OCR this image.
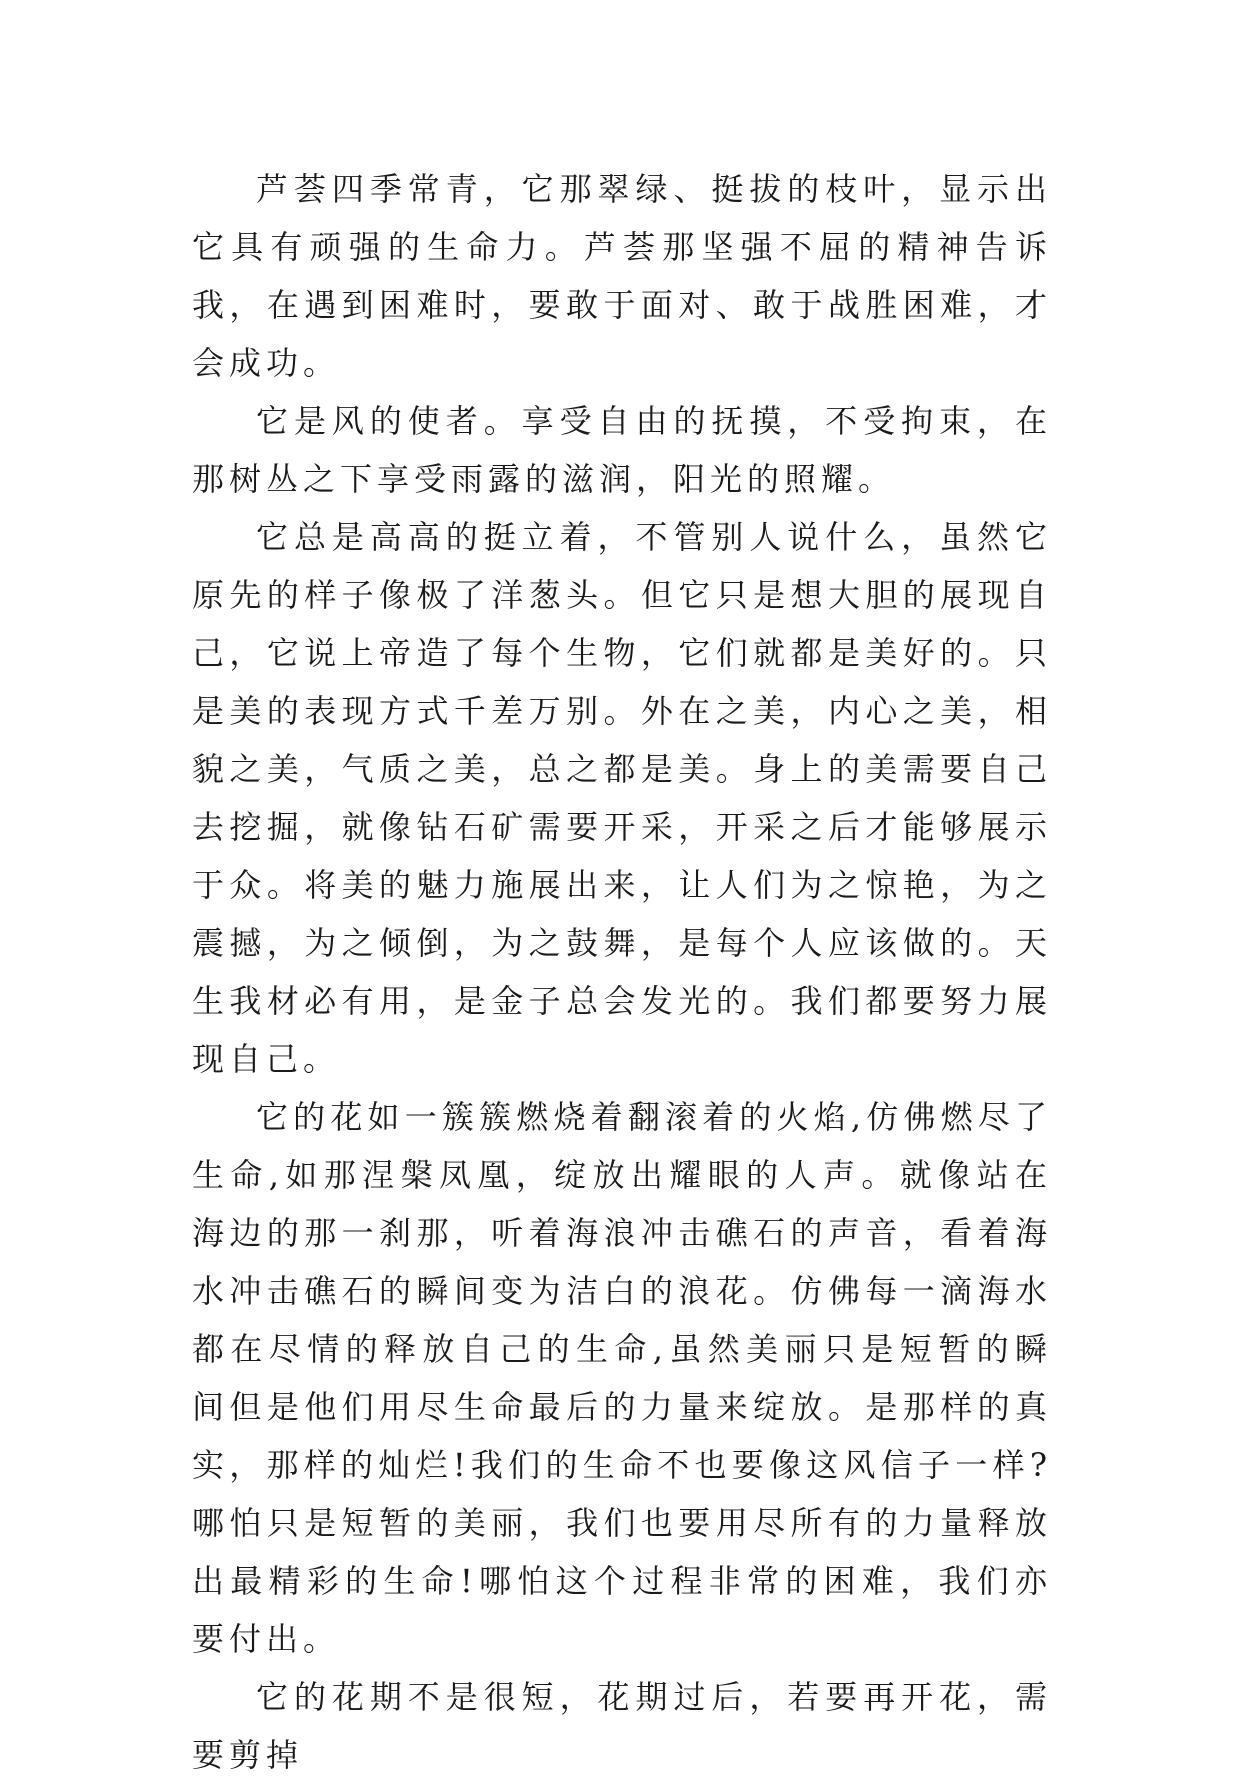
芦荟四季常青，它那翠绿、挺拔的枝叶，显示出它具有顽强的生命力。芦荟那坚强不屈的精神告诉我，在遇到困难时，要敢于面对、敢于战胜困难，才会成功。

它是风的使者。享受自由的抚摸，不受拘束，在那树丛之下享受雨露的滋润，阳光的照耀。

它总是高高的挺立着，不管别人说什么，虽然它原先的样子像极了洋葱头。但它只是想大胆的展现自己，它说上帝造了每个生物，它们就都是美好的。只是美的表现方式千差万别。外在之美，内心之美，相貌之美，气质之美，总之都是美。身上的美需要自己去挖掘，就像钻石矿需要开采，开采之后才能够展示于众。将美的魅力施展出来，让人们为之惊艳，为之震撼，为之倾倒，为之鼓舞，是每个人应该做的。天生我材必有用，是金子总会发光的。我们都要努力展现自己。

它的花如一簇簇燃烧着翻滚着的火焰,仿佛燃尽了生命,如那涅槃凤凰，绽放出耀眼的人声。就像站在海边的那一刹那，听着海浪冲击礁石的声音，看着海水冲击礁石的瞬间变为洁白的浪花。仿佛每一滴海水都在尽情的释放自己的生命,虽然美丽只是短暂的瞬间但是他们用尽生命最后的力量来绽放。是那样的真实，那样的灿烂!我们的生命不也要像这风信子一样?哪怕只是短暂的美丽，我们也要用尽所有的力量释放出最精彩的生命!哪怕这个过程非常的困难，我们亦要付出。

它的花期不是很短，花期过后，若要再开花，需要剪掉
